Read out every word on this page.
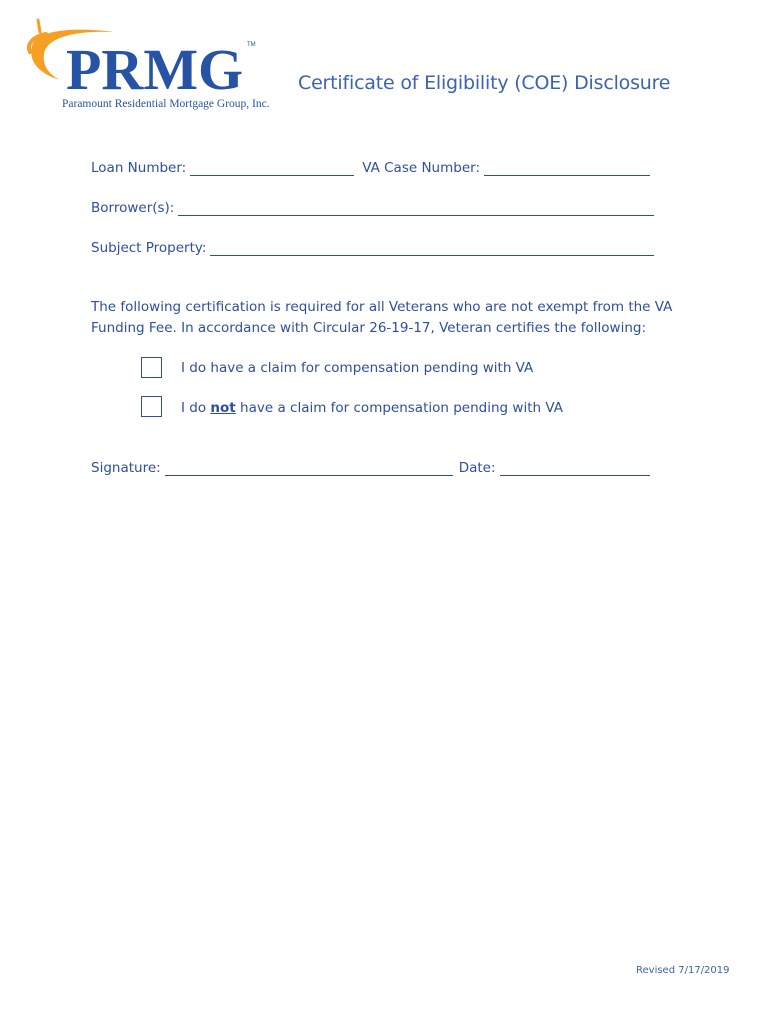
PRMG TM
Paramount Residential Mortgage Group, Inc.
Certificate of Eligibility (COE) Disclosure
Loan Number:	VA Case Number:
Borrower(s):
Subject Property:
The following certification is required for all Veterans who are not exempt from the VA
Funding Fee. In accordance with Circular 26-19-17, Veteran certifies the following:
I do have a claim for compensation pending with VA
I do not have a claim for compensation pending with VA
Signature:	Date:
Revised 7/17/2019
